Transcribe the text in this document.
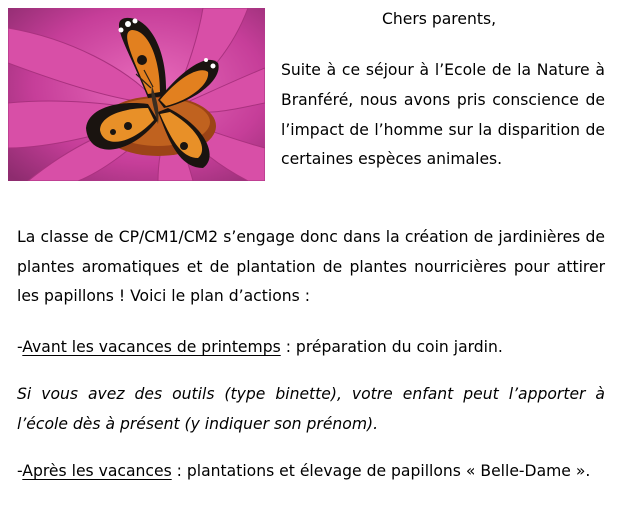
Chers parents,
Suite à ce séjour à l’Ecole de la Nature à Branféré, nous avons pris conscience de l’impact de l’homme sur la disparition de certaines espèces animales.
La classe de CP/CM1/CM2 s’engage donc dans la création de jardinières de plantes aromatiques et de plantation de plantes nourricières pour attirer les papillons ! Voici le plan d’actions :
-Avant les vacances de printemps : préparation du coin jardin.
Si vous avez des outils (type binette), votre enfant peut l’apporter à l’école dès à présent (y indiquer son prénom).
-Après les vacances : plantations et élevage de papillons « Belle-Dame ».
